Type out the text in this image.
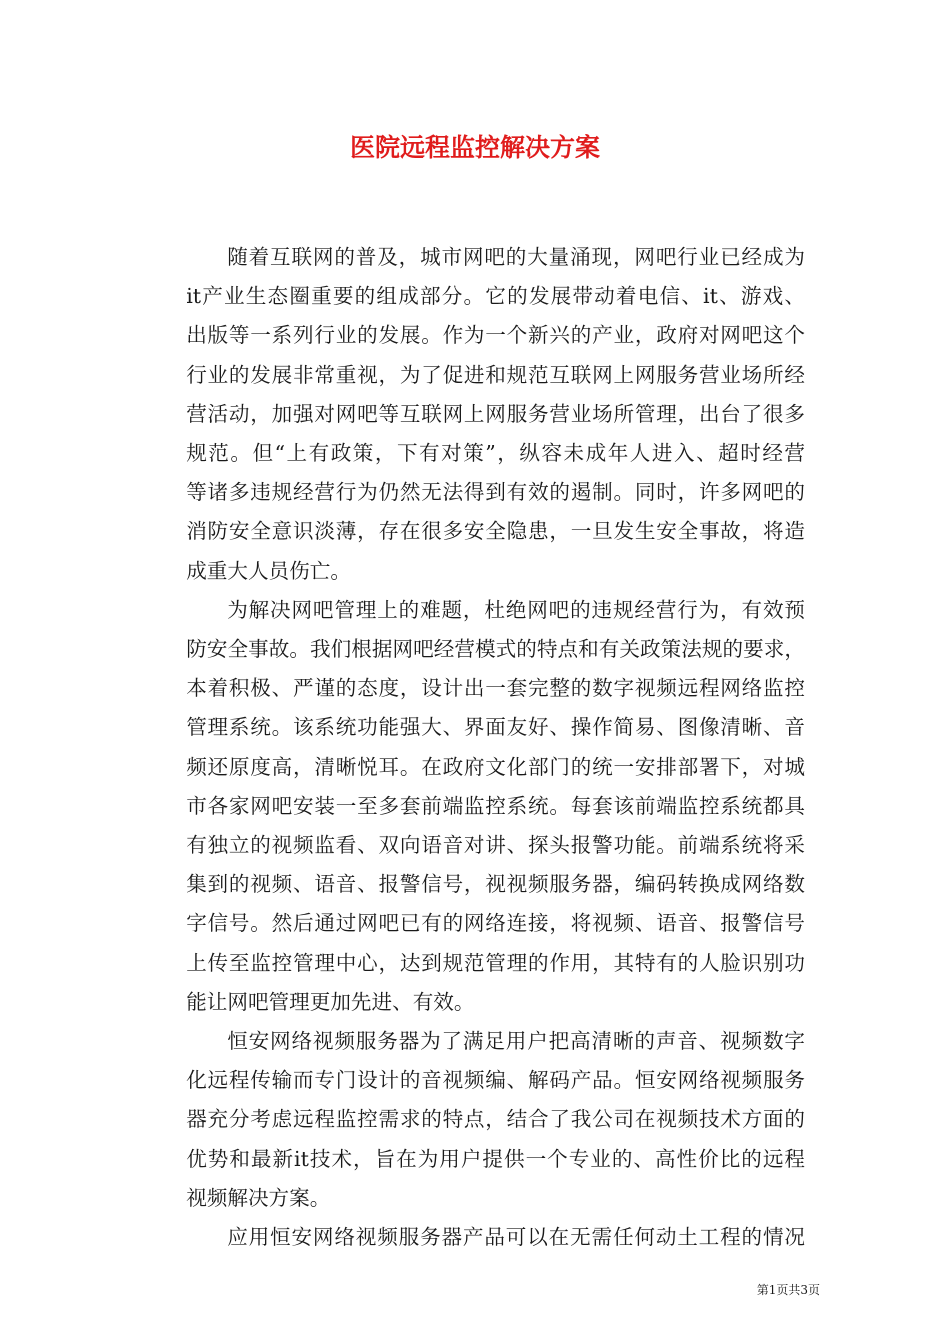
医院远程监控解决方案

随着互联网的普及，城市网吧的大量涌现，网吧行业已经成为
it产业生态圈重要的组成部分。它的发展带动着电信、it、游戏、
出版等一系列行业的发展。作为一个新兴的产业，政府对网吧这个
行业的发展非常重视，为了促进和规范互联网上网服务营业场所经
营活动，加强对网吧等互联网上网服务营业场所管理，出台了很多
规范。但“上有政策，下有对策”，纵容未成年人进入、超时经营
等诸多违规经营行为仍然无法得到有效的遏制。同时，许多网吧的
消防安全意识淡薄，存在很多安全隐患，一旦发生安全事故，将造
成重大人员伤亡。

为解决网吧管理上的难题，杜绝网吧的违规经营行为，有效预
防安全事故。我们根据网吧经营模式的特点和有关政策法规的要求，
本着积极、严谨的态度，设计出一套完整的数字视频远程网络监控
管理系统。该系统功能强大、界面友好、操作简易、图像清晰、音
频还原度高，清晰悦耳。在政府文化部门的统一安排部署下，对城
市各家网吧安装一至多套前端监控系统。每套该前端监控系统都具
有独立的视频监看、双向语音对讲、探头报警功能。前端系统将采
集到的视频、语音、报警信号，视视频服务器，编码转换成网络数
字信号。然后通过网吧已有的网络连接，将视频、语音、报警信号
上传至监控管理中心，达到规范管理的作用，其特有的人脸识别功
能让网吧管理更加先进、有效。

恒安网络视频服务器为了满足用户把高清晰的声音、视频数字
化远程传输而专门设计的音视频编、解码产品。恒安网络视频服务
器充分考虑远程监控需求的特点，结合了我公司在视频技术方面的
优势和最新it技术，旨在为用户提供一个专业的、高性价比的远程
视频解决方案。

应用恒安网络视频服务器产品可以在无需任何动土工程的情况

第1页共3页
